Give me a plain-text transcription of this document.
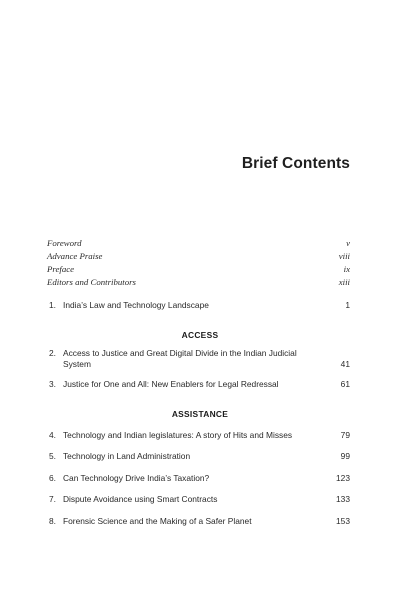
Brief Contents
Foreword	v
Advance Praise	viii
Preface	ix
Editors and Contributors	xiii
1. India’s Law and Technology Landscape	1
ACCESS
2. Access to Justice and Great Digital Divide in the Indian Judicial System	41
3. Justice for One and All: New Enablers for Legal Redressal	61
ASSISTANCE
4. Technology and Indian legislatures: A story of Hits and Misses	79
5. Technology in Land Administration	99
6. Can Technology Drive India’s Taxation?	123
7. Dispute Avoidance using Smart Contracts	133
8. Forensic Science and the Making of a Safer Planet	153
